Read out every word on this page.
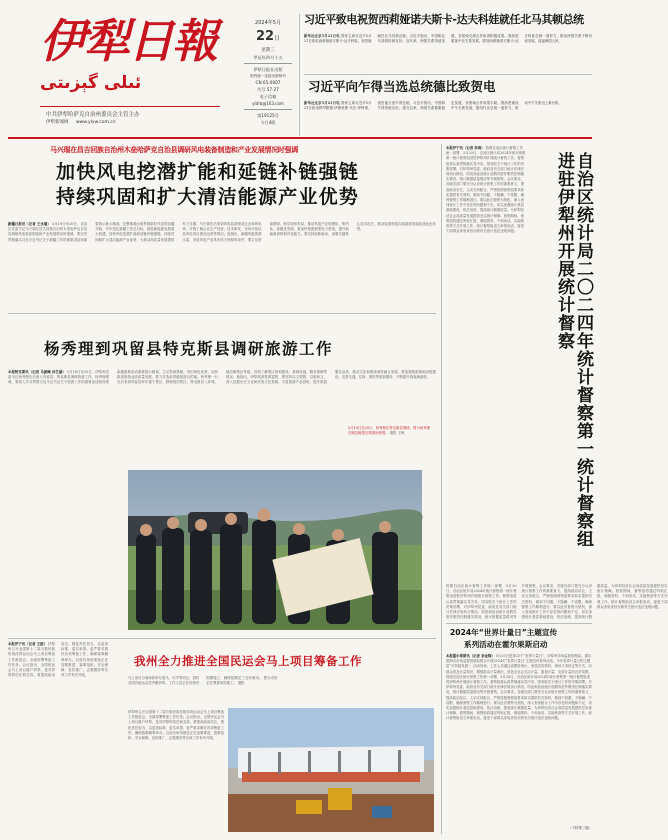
伊犁日報
ئىلى گېزىتى
中共伊犁哈萨克自治州委员会主管主办
伊犁新闻网 www.ylxw.com.cn
2024年5月
22日
星期三
甲辰年四月十五
伊犁日报社出版
国内统一连续出版物号
CN 65-0007
代号 57-27
电子信箱
yldrb@163.com
第19125号
今日4版
习近平致电祝贺西莉娅诺夫斯卡-达夫科娃就任北马其顿总统
新华社北京5月21日电 国家主席习近平5月21日致电西莉娅诺夫斯卡-达夫科娃，祝贺她就任北马其顿总统。习近平指出，中国和北马其顿传统友好，近年来，两国关系持续发展，各领域交流合作取得积极成果。我高度重视中北关系发展，愿同西莉娅诺夫斯卡-达夫科娃总统一道努力，推动两国关系不断向前发展，造福两国人民。
习近平向乍得当选总统德比致贺电
新华社北京5月21日电 国家主席习近平5月21日致电穆罕默德·伊德里斯·代比·伊特诺，祝贺他当选乍得总统。习近平指出，中国和乍得传统友好。建交以来，两国关系健康稳定发展，各领域合作成果丰硕。我高度重视中乍关系发展，愿同代比总统一道努力，推动中乍关系迈上新台阶。
马兴瑞在昌吉回族自治州木垒哈萨克自治县调研风电装备制造和产业发展情况时强调
加快风电挖潜扩能和延链补链强链
持续巩固和扩大清洁能源产业优势
新疆日报讯（记者 王永瑞） 5月19日至20日，自治区党委书记马兴瑞在昌吉回族自治州木垒哈萨克自治县调研风电装备制造和产业发展情况时强调，要坚决贯彻落实习近平总书记关于新疆工作的重要讲话和重要指示批示精神，完整准确全面贯彻新时代党的治疆方略，牢牢扭住新疆工作总目标，抢抓新能源发展重大机遇，加快风电挖潜扩能和延链补链强链，持续巩固和扩大清洁能源产业优势，为推动高质量发展提供有力支撑。马兴瑞先后来到风电装备制造企业和风电场，详细了解企业生产经营、技术研发、市场开拓以及风电项目建设运营等情况。他指出，新疆风能资源丰富，发展风电产业具有得天独厚的条件，要立足资源禀赋，科学规划布局，推动风电产业规模化、集约化、高端化发展。要加快构建新型电力系统，提升新能源消纳和外送能力。要坚持创新驱动，加强关键核心技术攻关，推动装备制造向高端化智能化绿色化转型。
杨秀理到巩留县特克斯县调研旅游工作
本报特克斯讯（记者 马振峰 孙艺涵） 5月18日至20日，伊犁州党委书记杨秀理先后深入巩留县、特克斯县调研旅游工作。杨秀理强调，要深入学习贯彻习近平总书记关于旅游工作的重要论述和视察新疆重要讲话重要指示精神，立足资源禀赋，突出特色优势，加快推进旅游业高质量发展，着力打造世界级旅游目的地。杨秀理一行先后来到巩留县库尔德宁景区、野核桃沟景区，特克斯县八卦城、喀拉峻景区等地，详细了解景区规划建设、基础设施、服务保障等情况。他指出，伊犁旅游资源富集，要坚持以文塑旅、以旅彰文，深入挖掘历史文化和民俗文化资源，丰富旅游产品供给，提升旅游服务品质，推动文化和旅游深度融合发展。要加强旅游基础设施建设，完善交通、住宿、餐饮等配套服务，不断提升游客满意度。
5月19日至20日，杨秀理在特克斯县调研。图为杨秀理在喀拉峻景区察看规划图。 摄影 王枫
本报伊宁讯（记者 王振） 伊犁州召开全国第十二届少数民族传统体育运动会马上项目筹备工作推进会，全面部署筹备工作任务。会议指出，全国民运会马上项目落户伊犁，是对伊犁的信任和支持。要提高政治站位，强化责任担当，以更高标准、更实举措、更严要求做好各项筹备工作，确保赛事顺利举办。目前各场馆建设正在加紧推进，赛事组织、安全保障、宣传推广、志愿服务等各项工作有序开展。
我州全力推进全国民运会马上项目筹备工作
马上项目分赛场将举办赛马、叼羊等项目，届时全国各地运动员齐聚伊犁。工作人员正在场馆内抓紧施工，确保按期完工交付使用。 图为市民正在观看场馆施工。 摄影
伊犁州召开全国第十二届少数民族传统体育运动会马上项目筹备工作推进会，全面部署筹备工作任务。会议指出，全国民运会马上项目落户伊犁，是对伊犁的信任和支持。要提高政治站位，强化责任担当，以更高标准、更实举措、更严要求做好各项筹备工作，确保赛事顺利举办。目前各场馆建设正在加紧推进，赛事组织、安全保障、宣传推广、志愿服务等各项工作有序开展。
本报伊宁讯（记者 李海） 按照自治区统计督察工作统一部署，5月20日，自治区统计局2024年统计督察第一统计督察组进驻伊犁州开展统计督察工作。督察组将认真贯彻落实党中央、国务院关于统计工作的决策部署，对伊犁州党委、政府及有关部门统计法律法规执行情况、防范和惩治统计造假弄虚作假责任制落实情况、统计数据质量情况等开展督察。会议要求，各级各部门要充分认识统计督察工作的重要意义，提高政治站位，主动支持配合，严格按照督察组要求如实提供有关资料，做到不回避、不隐瞒、不设限，确保督察工作顺利进行。要以此次督察为契机，深入查找统计工作中存在的问题和不足，切实加强统计基层基础建设，依法治统，提高统计数据质量，为伊犁经济社会高质量发展提供坚实统计保障。督察期间，督察组将通过听取汇报、调阅资料、个别谈话、实地核查等方式开展工作。统计督察组设立举报电话，接受干部群众来电来信反映有关统计违法违规问题。	自治区统计局二〇二四年统计督察第一统计督察组进驻伊犁州开展统计督察
按照自治区统计督察工作统一部署，5月20日，自治区统计局2024年统计督察第一统计督察组进驻伊犁州开展统计督察工作。督察组将认真贯彻落实党中央、国务院关于统计工作的决策部署，对伊犁州党委、政府及有关部门统计法律法规执行情况、防范和惩治统计造假弄虚作假责任制落实情况、统计数据质量情况等开展督察。会议要求，各级各部门要充分认识统计督察工作的重要意义，提高政治站位，主动支持配合，严格按照督察组要求如实提供有关资料，做到不回避、不隐瞒、不设限，确保督察工作顺利进行。要以此次督察为契机，深入查找统计工作中存在的问题和不足，切实加强统计基层基础建设，依法治统，提高统计数据质量，为伊犁经济社会高质量发展提供坚实统计保障。督察期间，督察组将通过听取汇报、调阅资料、个别谈话、实地核查等方式开展工作。统计督察组设立举报电话，接受干部群众来电来信反映有关统计违法违规问题。
2024年“世界计量日”主题宣传
系列活动在霍尔果斯启动
本报霍尔果斯讯（记者 李金锋） 5月20日是第25个“世界计量日”，伊犁州市场监督管理局、霍尔果斯市市场监督管理局联合开展2024年“世界计量日”主题宣传系列活动。今年世界计量日的主题是“可持续发展”。活动现场，工作人员通过设置咨询台、发放宣传资料、现场义务检定等方式，向群众普及计量知识，增强群众计量意识，营造全社会关注计量、重视计量、支持计量的良好氛围。 按照自治区统计督察工作统一部署，5月20日，自治区统计局2024年统计督察第一统计督察组进驻伊犁州开展统计督察工作。督察组将认真贯彻落实党中央、国务院关于统计工作的决策部署，对伊犁州党委、政府及有关部门统计法律法规执行情况、防范和惩治统计造假弄虚作假责任制落实情况、统计数据质量情况等开展督察。会议要求，各级各部门要充分认识统计督察工作的重要意义，提高政治站位，主动支持配合，严格按照督察组要求如实提供有关资料，做到不回避、不隐瞒、不设限，确保督察工作顺利进行。要以此次督察为契机，深入查找统计工作中存在的问题和不足，切实加强统计基层基础建设，依法治统，提高统计数据质量，为伊犁经济社会高质量发展提供坚实统计保障。督察期间，督察组将通过听取汇报、调阅资料、个别谈话、实地核查等方式开展工作。统计督察组设立举报电话，接受干部群众来电来信反映有关统计违法违规问题。
（下转第三版）
